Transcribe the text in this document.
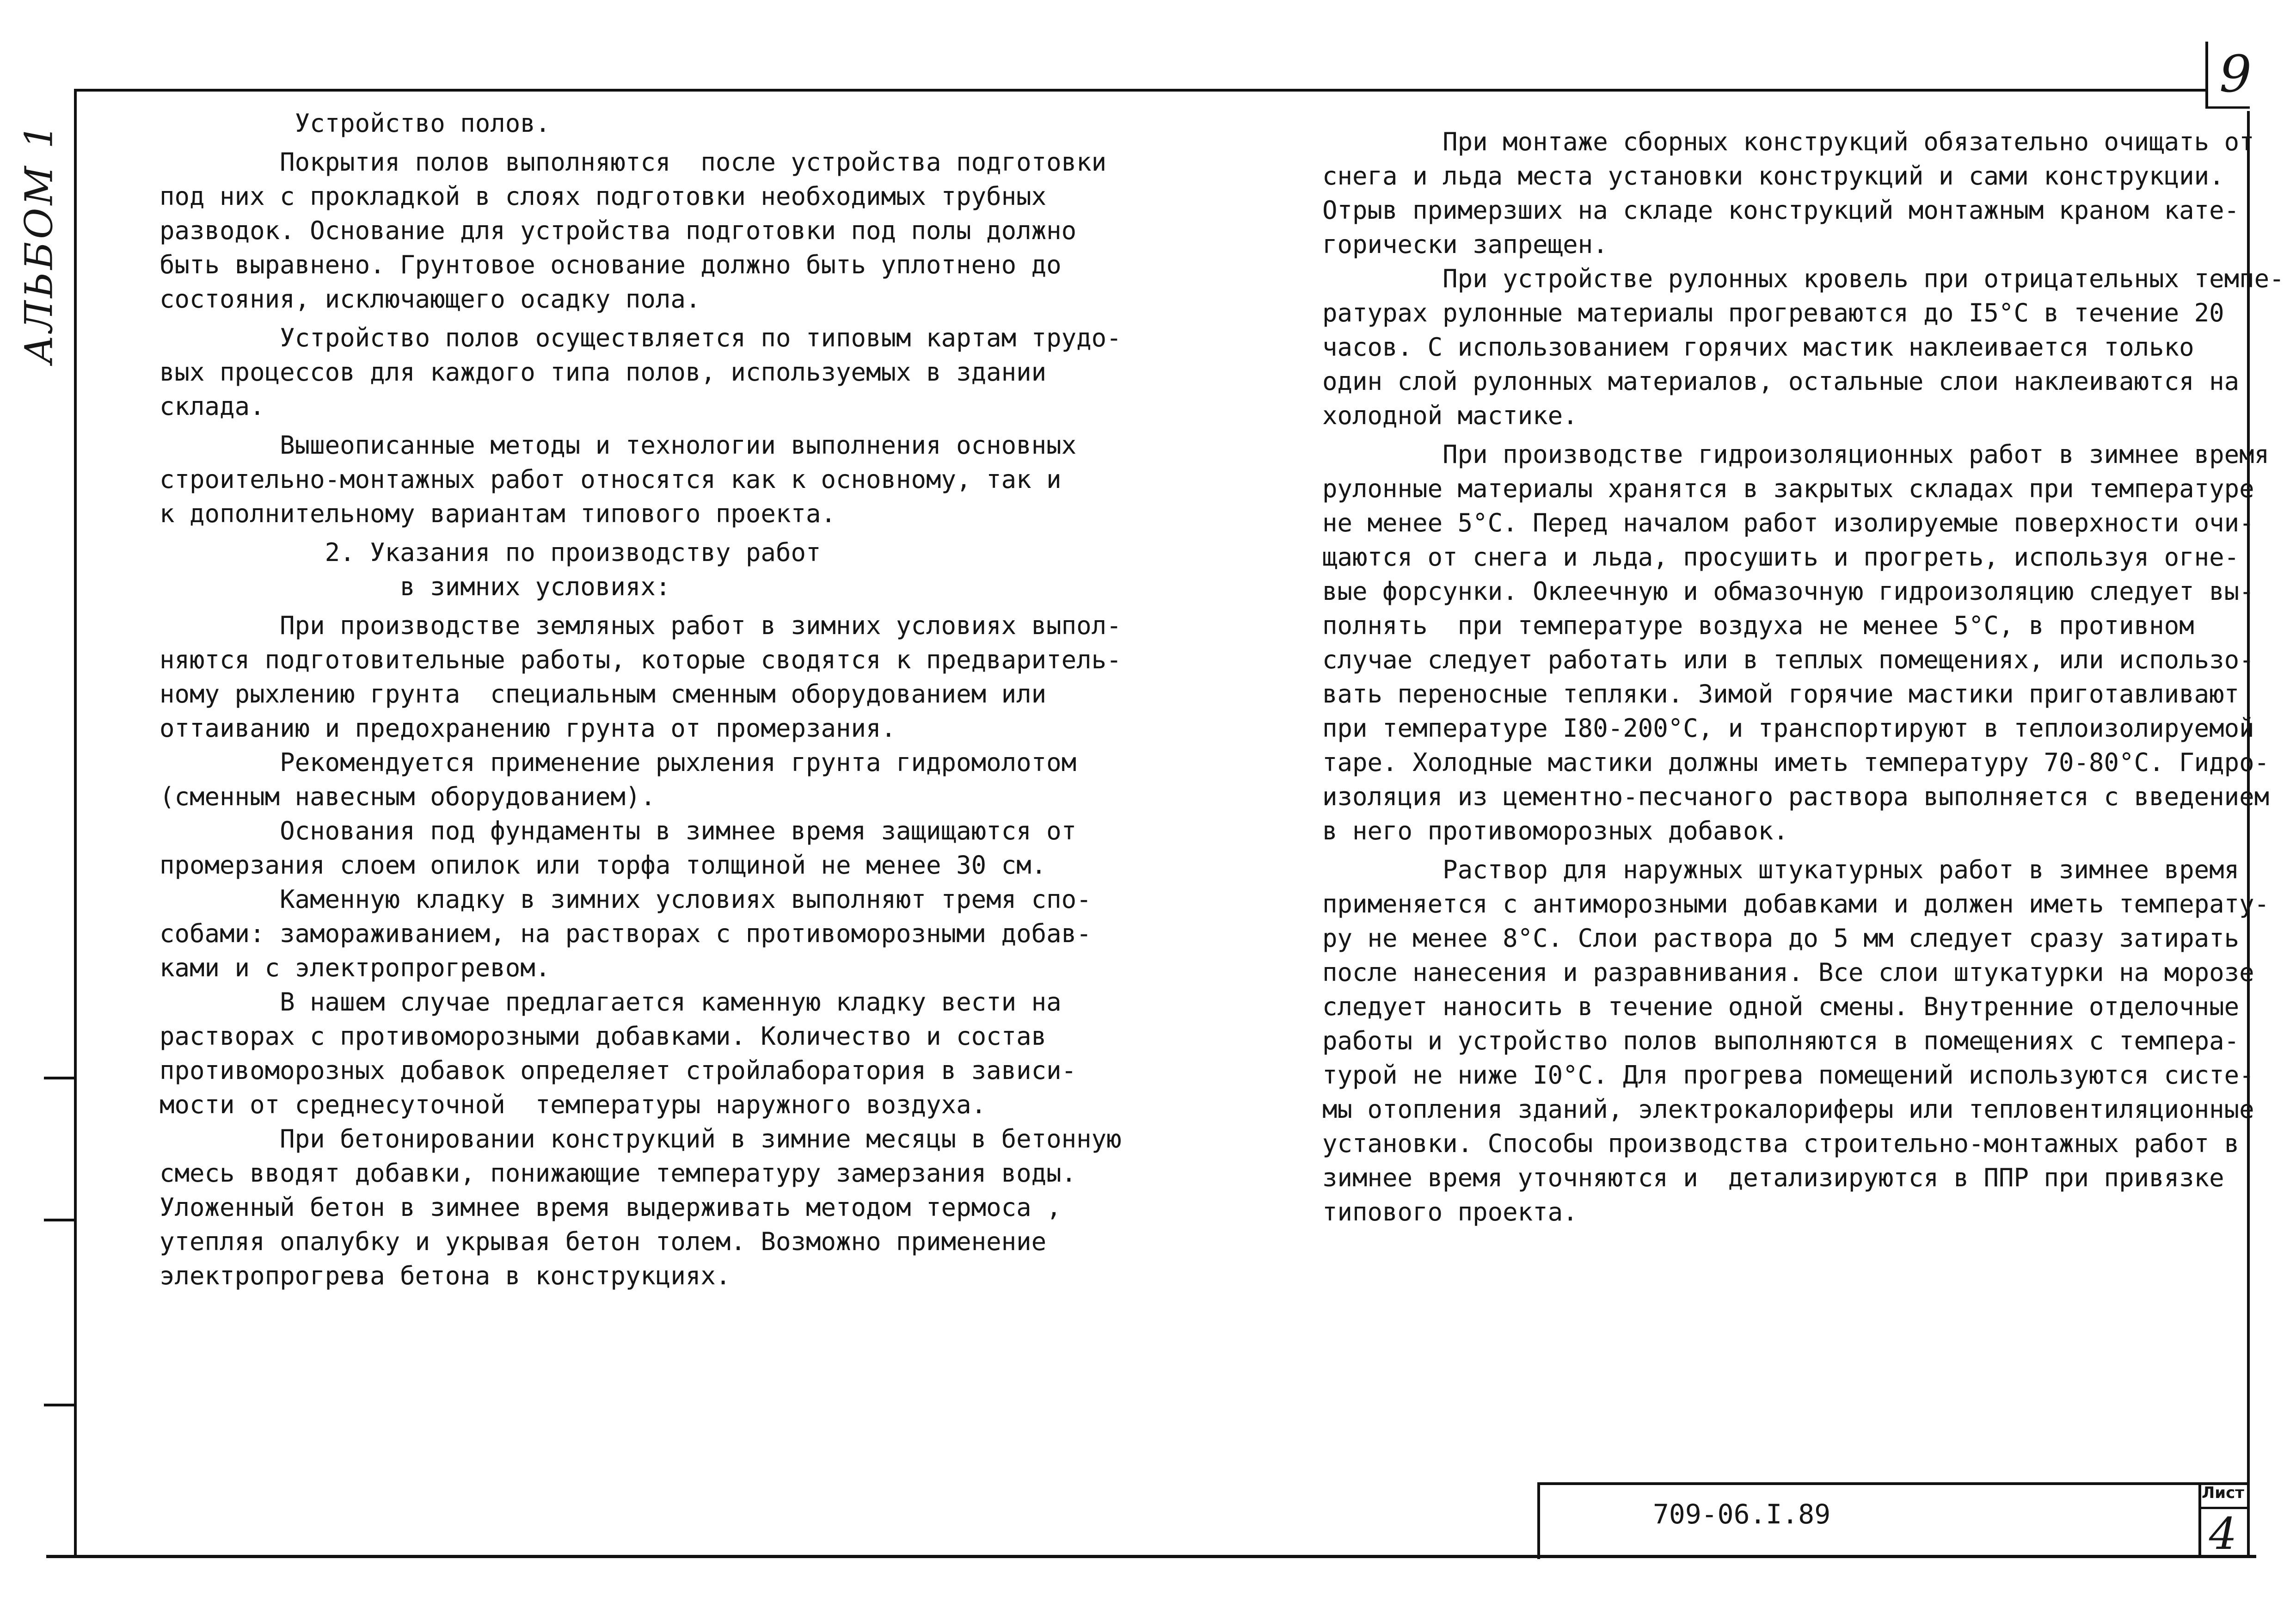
9
АЛЬБОМ 1	Устройство полов.
Покрытия полов выполняются  после устройства подготовки
под них с прокладкой в слоях подготовки необходимых трубных
разводок. Основание для устройства подготовки под полы должно
быть выравнено. Грунтовое основание должно быть уплотнено до
состояния, исключающего осадку пола.
Устройство полов осуществляется по типовым картам трудо-
вых процессов для каждого типа полов, используемых в здании
склада.
Вышеописанные методы и технологии выполнения основных
строительно-монтажных работ относятся как к основному, так и
к дополнительному вариантам типового проекта.
2. Указания по производству работ
в зимних условиях:
При производстве земляных работ в зимних условиях выпол-
няются подготовительные работы, которые сводятся к предваритель-
ному рыхлению грунта  специальным сменным оборудованием или
оттаиванию и предохранению грунта от промерзания.
Рекомендуется применение рыхления грунта гидромолотом
(сменным навесным оборудованием).
Основания под фундаменты в зимнее время защищаются от
промерзания слоем опилок или торфа толщиной не менее 30 см.
Каменную кладку в зимних условиях выполняют тремя спо-
собами: замораживанием, на растворах с противоморозными добав-
ками и с электропрогревом.
В нашем случае предлагается каменную кладку вести на
растворах с противоморозными добавками. Количество и состав
противоморозных добавок определяет стройлаборатория в зависи-
мости от среднесуточной  температуры наружного воздуха.
При бетонировании конструкций в зимние месяцы в бетонную
смесь вводят добавки, понижающие температуру замерзания воды.
Уложенный бетон в зимнее время выдерживать методом термоса ,
утепляя опалубку и укрывая бетон толем. Возможно применение
электропрогрева бетона в конструкциях.
При монтаже сборных конструкций обязательно очищать от
снега и льда места установки конструкций и сами конструкции.
Отрыв примерзших на складе конструкций монтажным краном кате-
горически запрещен.
При устройстве рулонных кровель при отрицательных темпе-
ратурах рулонные материалы прогреваются до I5°С в течение 20
часов. С использованием горячих мастик наклеивается только
один слой рулонных материалов, остальные слои наклеиваются на
холодной мастике.
При производстве гидроизоляционных работ в зимнее время
рулонные материалы хранятся в закрытых складах при температуре
не менее 5°С. Перед началом работ изолируемые поверхности очи-
щаются от снега и льда, просушить и прогреть, используя огне-
вые форсунки. Оклеечную и обмазочную гидроизоляцию следует вы-
полнять  при температуре воздуха не менее 5°С, в противном
случае следует работать или в теплых помещениях, или использо-
вать переносные тепляки. Зимой горячие мастики приготавливают
при температуре I80-200°С, и транспортируют в теплоизолируемой
таре. Холодные мастики должны иметь температуру 70-80°С. Гидро-
изоляция из цементно-песчаного раствора выполняется с введением
в него противоморозных добавок.
Раствор для наружных штукатурных работ в зимнее время
применяется с антиморозными добавками и должен иметь температу-
ру не менее 8°С. Слои раствора до 5 мм следует сразу затирать
после нанесения и разравнивания. Все слои штукатурки на морозе
следует наносить в течение одной смены. Внутренние отделочные
работы и устройство полов выполняются в помещениях с темпера-
турой не ниже I0°С. Для прогрева помещений используются систе-
мы отопления зданий, электрокалориферы или тепловентиляционные
установки. Способы производства строительно-монтажных работ в
зимнее время уточняются и  детализируются в ППР при привязке
типового проекта.
709-06.I.89
Лист
4
